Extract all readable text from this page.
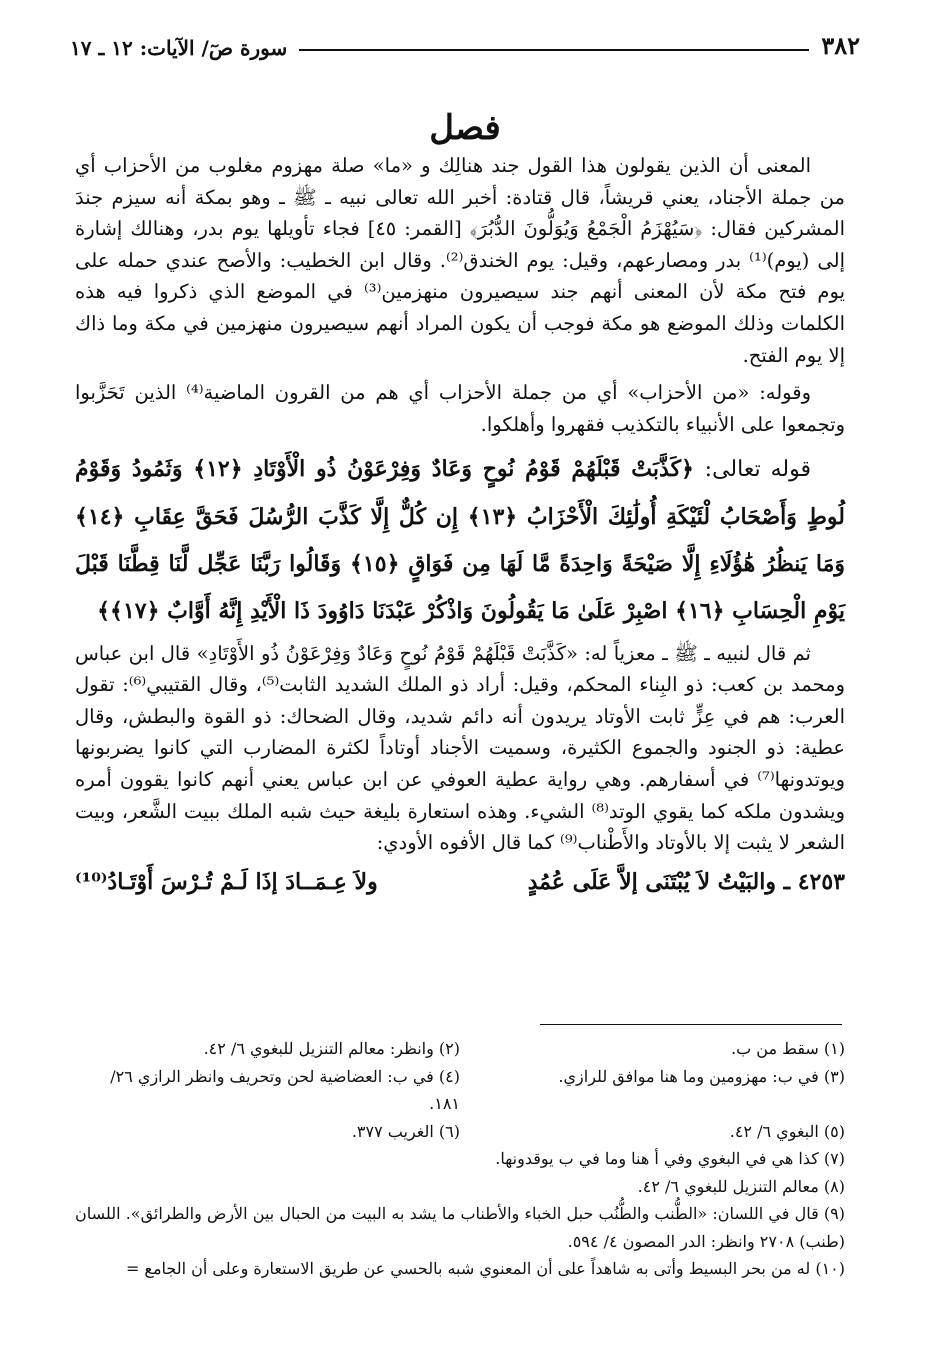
٣٨٢
سورة صٓ/ الآيات: ١٢ ـ ١٧
فصل

المعنى أن الذين يقولون هذا القول جند هنالِك و «ما» صلة مهزوم مغلوب من الأحزاب أي من جملة الأجناد، يعني قريشاً، قال قتادة: أخبر الله تعالى نبيه ـ ﷺ ـ وهو بمكة أنه سيزم جندَ المشركين فقال: ﴿سَيُهْزَمُ الْجَمْعُ وَيُوَلُّونَ الدُّبُرَ﴾ [القمر: ٤٥] فجاء تأويلها يوم بدر، وهنالك إشارة إلى (يوم)⁽¹⁾ بدر ومصارعهم، وقيل: يوم الخندق⁽²⁾. وقال ابن الخطيب: والأصح عندي حمله على يوم فتح مكة لأن المعنى أنهم جند سيصيرون منهزمين⁽³⁾ في الموضع الذي ذكروا فيه هذه الكلمات وذلك الموضع هو مكة فوجب أن يكون المراد أنهم سيصيرون منهزمين في مكة وما ذاك إلا يوم الفتح.

وقوله: «من الأحزاب» أي من جملة الأحزاب أي هم من القرون الماضية⁽⁴⁾ الذين تَحَزَّبوا وتجمعوا على الأنبياء بالتكذيب فقهروا وأهلكوا.

قوله تعالى: ﴿كَذَّبَتْ قَبْلَهُمْ قَوْمُ نُوحٍ وَعَادٌ وَفِرْعَوْنُ ذُو الْأَوْتَادِ ﴿١٢﴾ وَثَمُودُ وَقَوْمُ لُوطٍ وَأَصْحَابُ لْئَيْكَةِ أُولَٰئِكَ الْأَحْزَابُ ﴿١٣﴾ إِن كُلٌّ إِلَّا كَذَّبَ الرُّسُلَ فَحَقَّ عِقَابِ ﴿١٤﴾ وَمَا يَنظُرُ هَٰؤُلَاءِ إِلَّا صَيْحَةً وَاحِدَةً مَّا لَهَا مِن فَوَاقٍ ﴿١٥﴾ وَقَالُوا رَبَّنَا عَجِّل لَّنَا قِطَّنَا قَبْلَ يَوْمِ الْحِسَابِ ﴿١٦﴾ اصْبِرْ عَلَىٰ مَا يَقُولُونَ وَاذْكُرْ عَبْدَنَا دَاوُودَ ذَا الْأَيْدِ إِنَّهُ أَوَّابٌ ﴿١٧﴾﴾

ثم قال لنبيه ـ ﷺ ـ معزياً له: «كَذَّبَتْ قَبْلَهُمْ قَوْمُ نُوحٍ وَعَادٌ وَفِرْعَوْنُ ذُو الأَوْتَادِ» قال ابن عباس ومحمد بن كعب: ذو البِناء المحكم، وقيل: أراد ذو الملك الشديد الثابت⁽⁵⁾، وقال القتيبي⁽⁶⁾: تقول العرب: هم في عِزٍّ ثابت الأوتاد يريدون أنه دائم شديد، وقال الضحاك: ذو القوة والبطش، وقال عطية: ذو الجنود والجموع الكثيرة، وسميت الأجناد أوتاداً لكثرة المضارب التي كانوا يضربونها ويوتدونها⁽⁷⁾ في أسفارهم. وهي رواية عطية العوفي عن ابن عباس يعني أنهم كانوا يقوون أمره ويشدون ملكه كما يقوي الوتد⁽⁸⁾ الشيء. وهذه استعارة بليغة حيث شبه الملك ببيت الشَّعر، وبيت الشعر لا يثبت إلا بالأوتاد والأَطْناب⁽⁹⁾ كما قال الأفوه الأودي:

٤٢٥٣ ـ والبَيْتُ لاَ يُبْتَنَى إلاَّ عَلَى عُمُدٍ
ولاَ عِـمَــادَ إذَا لَـمْ تُـرْسَ أَوْتَـادُ⁽¹⁰⁾

(١) سقط من ب.
(٢) وانظر: معالم التنزيل للبغوي ٦/ ٤٢.
(٣) في ب: مهزومين وما هنا موافق للرازي.
(٤) في ب: العضاضية لحن وتحريف وانظر الرازي ٢٦/ ١٨١.
(٥) البغوي ٦/ ٤٢.
(٦) الغريب ٣٧٧.
(٧) كذا هي في البغوي وفي أ هنا وما في ب يوقدونها.
(٨) معالم التنزيل للبغوي ٦/ ٤٢.
(٩) قال في اللسان: «الطُّنب والطُّنُب حبل الخباء والأطناب ما يشد به البيت من الحبال بين الأرض والطرائق». اللسان (طنب) ٢٧٠٨ وانظر: الدر المصون ٤/ ٥٩٤.
(١٠) له من بحر البسيط وأتى به شاهداً على أن المعنوي شبه بالحسي عن طريق الاستعارة وعلى أن الجامع =
